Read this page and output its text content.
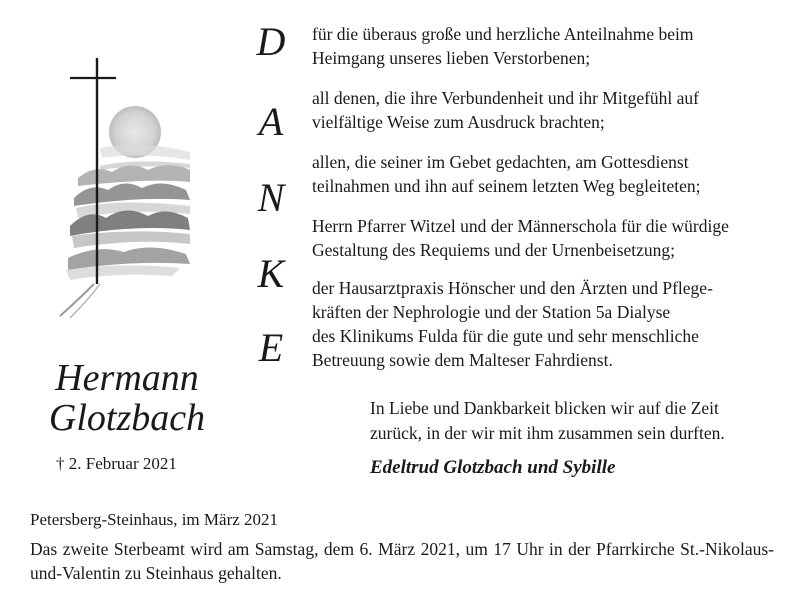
D
A
N
K
E
für die überaus große und herzliche Anteilnahme beim
Heimgang unseres lieben Verstorbenen;
all denen, die ihre Verbundenheit und ihr Mitgefühl auf
vielfältige Weise zum Ausdruck brachten;
allen, die seiner im Gebet gedachten, am Gottesdienst
teilnahmen und ihn auf seinem letzten Weg begleiteten;
Herrn Pfarrer Witzel und der Männerschola für die würdige
Gestaltung des Requiems und der Urnenbeisetzung;
der Hausarztpraxis Hönscher und den Ärzten und Pflege-
kräften der Nephrologie und der Station 5a Dialyse
des Klinikums Fulda für die gute und sehr menschliche
Betreuung sowie dem Malteser Fahrdienst.
Hermann
Glotzbach
† 2. Februar 2021
In Liebe und Dankbarkeit blicken wir auf die Zeit
zurück, in der wir mit ihm zusammen sein durften.
Edeltrud Glotzbach und Sybille
Petersberg-Steinhaus, im März 2021
Das zweite Sterbeamt wird am Samstag, dem 6. März 2021, um 17 Uhr in der Pfarrkirche St.-Nikolaus-und-Valentin zu Steinhaus gehalten.
